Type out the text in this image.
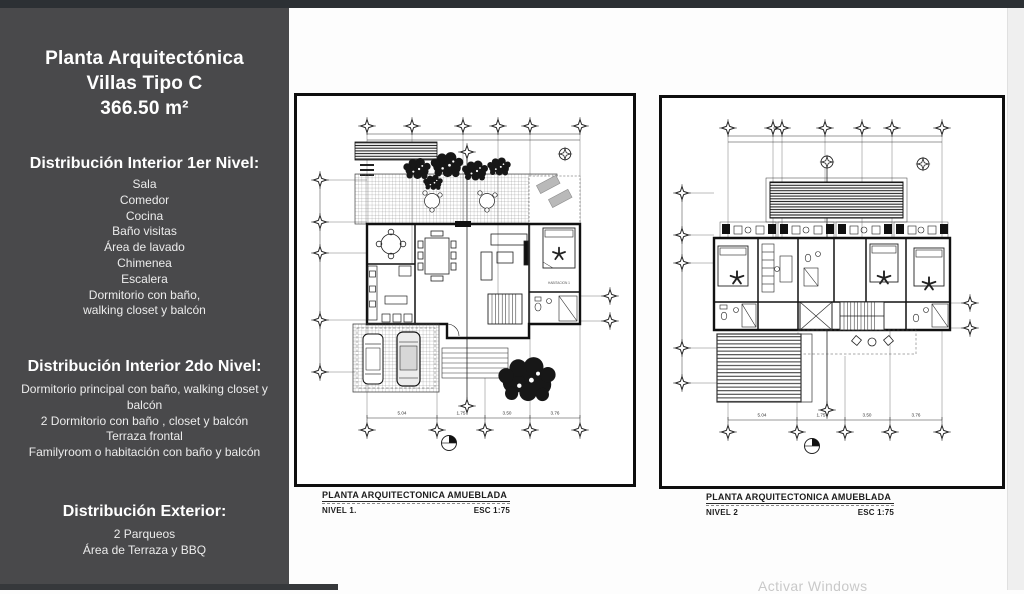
Planta Arquitectónica
Villas Tipo C
366.50 m²
Distribución Interior 1er Nivel:
Sala
Comedor
Cocina
Baño visitas
Área de lavado
Chimenea
Escalera
Dormitorio con baño,
walking closet y balcón
Distribución Interior 2do Nivel:
Dormitorio principal con baño, walking closet y balcón
2 Dormitorio con baño , closet y balcón
Terraza frontal
Familyroom o habitación con baño y balcón
Distribución Exterior:
2 Parqueos
Área de Terraza y BBQ
HABITACION 1
5.04	1.75	3.50	3.76	5.04	1.75	3.50	3.76
PLANTA ARQUITECTONICA AMUEBLADA
NIVEL 1.	ESC 1:75
PLANTA ARQUITECTONICA AMUEBLADA
NIVEL 2	ESC 1:75
Activar Windows
